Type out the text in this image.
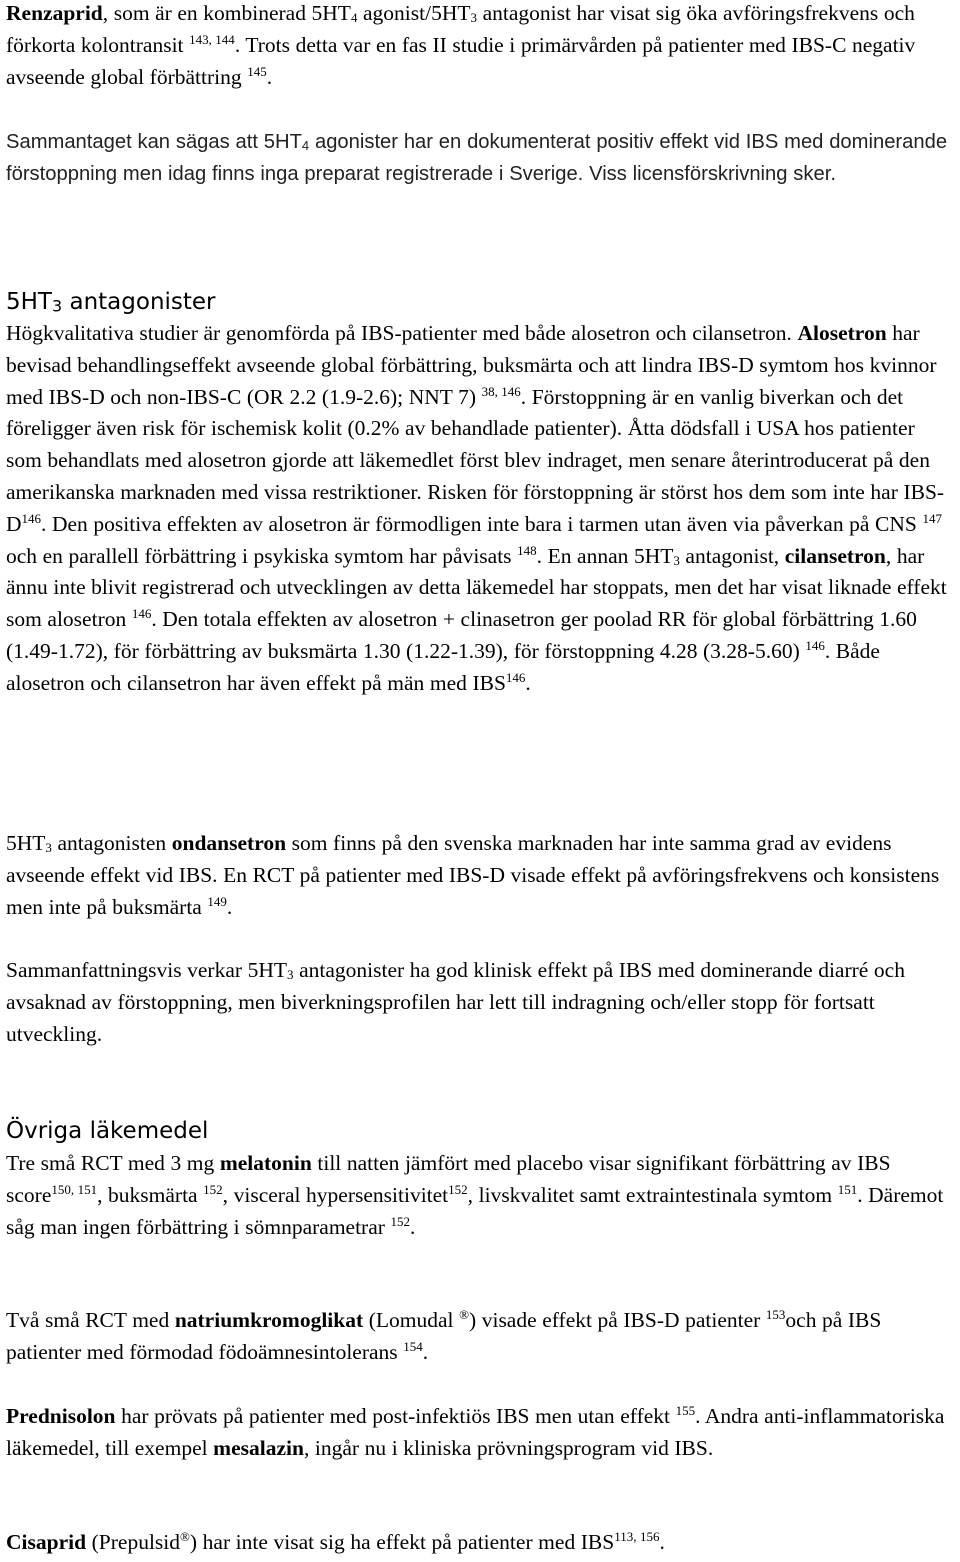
Renzaprid, som är en kombinerad $5HT_4$ agonist/$5HT_3$ antagonist har visat sig öka avföringsfrekvens och förkorta kolontransit $^{143, 144}$. Trots detta var en fas II studie i primärvården på patienter med IBS-C negativ avseende global förbättring $^{145}$.

Sammantaget kan sägas att $5HT_4$ agonister har en dokumenterat positiv effekt vid IBS med dominerande förstoppning men idag finns inga preparat registrerade i Sverige. Viss licensförskrivning sker.

$5HT_3$ antagonister

Högkvalitativa studier är genomförda på IBS-patienter med både alosetron och cilansetron. Alosetron har bevisad behandlingseffekt avseende global förbättring, buksmärta och att lindra IBS-D symtom hos kvinnor med IBS-D och non-IBS-C (OR 2.2 (1.9-2.6); NNT 7) $^{38, 146}$. Förstoppning är en vanlig biverkan och det föreligger även risk för ischemisk kolit (0.2% av behandlade patienter). Åtta dödsfall i USA hos patienter som behandlats med alosetron gjorde att läkemedlet först blev indraget, men senare återintroducerat på den amerikanska marknaden med vissa restriktioner. Risken för förstoppning är störst hos dem som inte har IBS-$D^{146}$. Den positiva effekten av alosetron är förmodligen inte bara i tarmen utan även via påverkan på CNS $^{147}$ och en parallell förbättring i psykiska symtom har påvisats $^{148}$. En annan $5HT_3$ antagonist, cilansetron, har ännu inte blivit registrerad och utvecklingen av detta läkemedel har stoppats, men det har visat liknade effekt som alosetron $^{146}$. Den totala effekten av alosetron + clinasetron ger poolad RR för global förbättring 1.60 (1.49-1.72), för förbättring av buksmärta 1.30 (1.22-1.39), för förstoppning 4.28 (3.28-5.60) $^{146}$. Både alosetron och cilansetron har även effekt på män med IBS$^{146}$.

$5HT_3$ antagonisten ondansetron som finns på den svenska marknaden har inte samma grad av evidens avseende effekt vid IBS. En RCT på patienter med IBS-D visade effekt på avföringsfrekvens och konsistens men inte på buksmärta $^{149}$.

Sammanfattningsvis verkar $5HT_3$ antagonister ha god klinisk effekt på IBS med dominerande diarré och avsaknad av förstoppning, men biverkningsprofilen har lett till indragning och/eller stopp för fortsatt utveckling.

Övriga läkemedel

Tre små RCT med 3 mg melatonin till natten jämfört med placebo visar signifikant förbättring av IBS score$^{150, 151}$, buksmärta $^{152}$, visceral hypersensitivitet$^{152}$, livskvalitet samt extraintestinala symtom $^{151}$. Däremot såg man ingen förbättring i sömnparametrar $^{152}$.

Två små RCT med natriumkromoglikat (Lomudal ®) visade effekt på IBS-D patienter $^{153}$och på IBS patienter med förmodad födoämnesintolerans $^{154}$.

Prednisolon har prövats på patienter med post-infektiös IBS men utan effekt $^{155}$. Andra anti-inflammatoriska läkemedel, till exempel mesalazin, ingår nu i kliniska prövningsprogram vid IBS.

Cisaprid (Prepulsid®) har inte visat sig ha effekt på patienter med IBS$^{113, 156}$.
